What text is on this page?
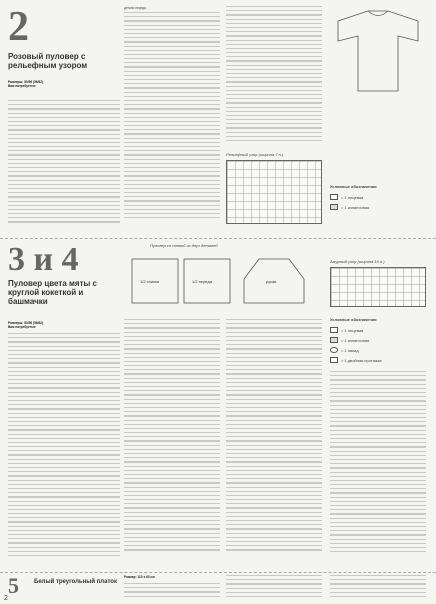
2
Розовый пуловер с рельефным узором
Размеры: 50/56 (56/62)
Вам потребуется:
детали переда.
Рельефный узор (ширина 7 п.)
Условные обозначения
= 1 лицевая
= 1 изнаночная
3 и 4
Пуловер цвета мяты с круглой кокеткой и башмачки
Размеры: 50/56 (56/62)
Вам потребуется:
Пуловер со схемой из двух деталей
1/2 спинки	1/2 переда	рукав
Ажурный узор (ширина 10 п.)
Условные обозначения
= 1 лицевая
= 1 изнаночная
= 1 накид
= 1 двойная протяжка
5	Белый треугольный платок
Размер: 110 x 63 см
2
